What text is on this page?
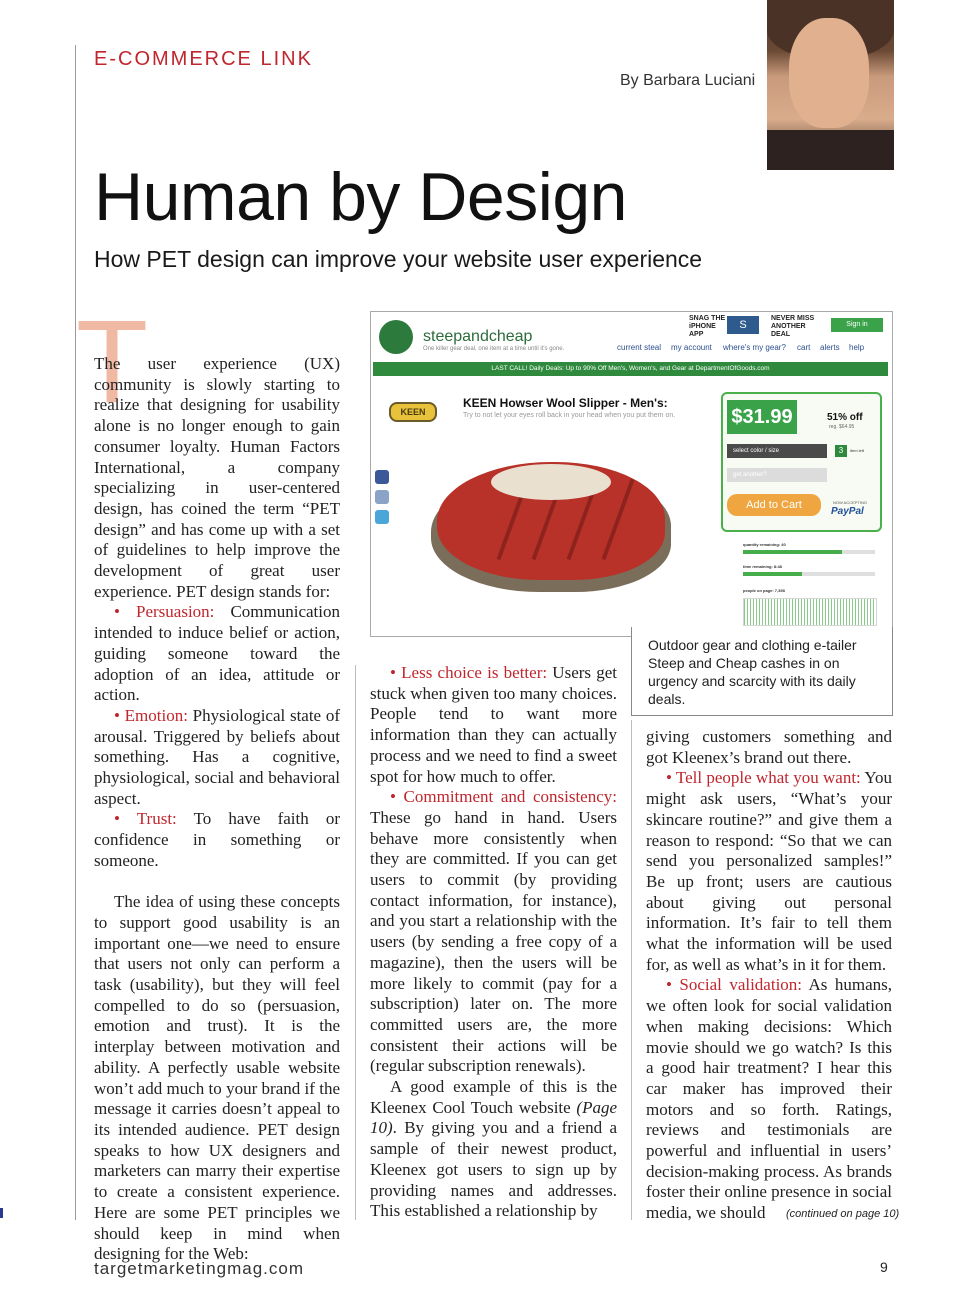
E-COMMERCE LINK
By Barbara Luciani
Human by Design
How PET design can improve your website user experience
T

The user experience (UX) community is slowly starting to realize that designing for usability alone is no longer enough to gain consumer loyalty. Human Factors International, a company specializing in user-centered design, has coined the term “PET design” and has come up with a set of guidelines to help improve the development of great user experience. PET design stands for:

• Persuasion: Communication intended to induce belief or action, guiding someone toward the adoption of an idea, attitude or action.

• Emotion: Physiological state of arousal. Triggered by beliefs about something. Has a cognitive, physiological, social and behavioral aspect.

• Trust: To have faith or confidence in something or someone.

The idea of using these concepts to support good usability is an important one—we need to ensure that users not only can perform a task (usability), but they will feel compelled to do so (persuasion, emotion and trust). It is the interplay between motivation and ability. A perfectly usable website won’t add much to your brand if the message it carries doesn’t appeal to its intended audience. PET design speaks to how UX designers and marketers can marry their expertise to create a consistent experience. Here are some PET principles we should keep in mind when designing for the Web:

steepandcheap
One killer gear deal, one item at a time until it's gone.
SNAG THE iPHONE APP
S
NEVER MISS ANOTHER DEAL
Sign in
current steal my account where's my gear? cart alerts help
LAST CALL! Daily Deals: Up to 90% Off Men's, Women's, and Gear at DepartmentOfGoods.com
KEEN
KEEN Howser Wool Slipper - Men's:
Try to not let your eyes roll back in your head when you put them on.	$31.99	51% off
reg. $64.95
select color / size	3	item left
get another?
Add to Cart	NOW ACCEPTING
PayPal
quantity remaining: 40
time remaining: 8:48
people on page: 7,398
Outdoor gear and clothing e-tailer Steep and Cheap cashes in on urgency and scarcity with its daily deals.

• Less choice is better: Users get stuck when given too many choices. People tend to want more information than they can actually process and we need to find a sweet spot for how much to offer.

• Commitment and consistency: These go hand in hand. Users behave more consistently when they are committed. If you can get users to commit (by providing contact information, for instance), and you start a relationship with the users (by sending a free copy of a magazine), then the users will be more likely to commit (pay for a subscription) later on. The more committed users are, the more consistent their actions will be (regular subscription renewals).

A good example of this is the Kleenex Cool Touch website (Page 10). By giving you and a friend a sample of their newest product, Kleenex got users to sign up by providing names and addresses. This established a relationship by

giving customers something and got Kleenex’s brand out there.

• Tell people what you want: You might ask users, “What’s your skincare routine?” and give them a reason to respond: “So that we can send you personalized samples!” Be up front; users are cautious about giving out personal information. It’s fair to tell them what the information will be used for, as well as what’s in it for them.

• Social validation: As humans, we often look for social validation when making decisions: Which movie should we go watch? Is this a good hair treatment? I hear this car maker has improved their motors and so forth. Ratings, reviews and testimonials are powerful and influential in users’ decision-making process. As brands foster their online presence in social media, we should	(continued on page 10)
targetmarketingmag.com	9
